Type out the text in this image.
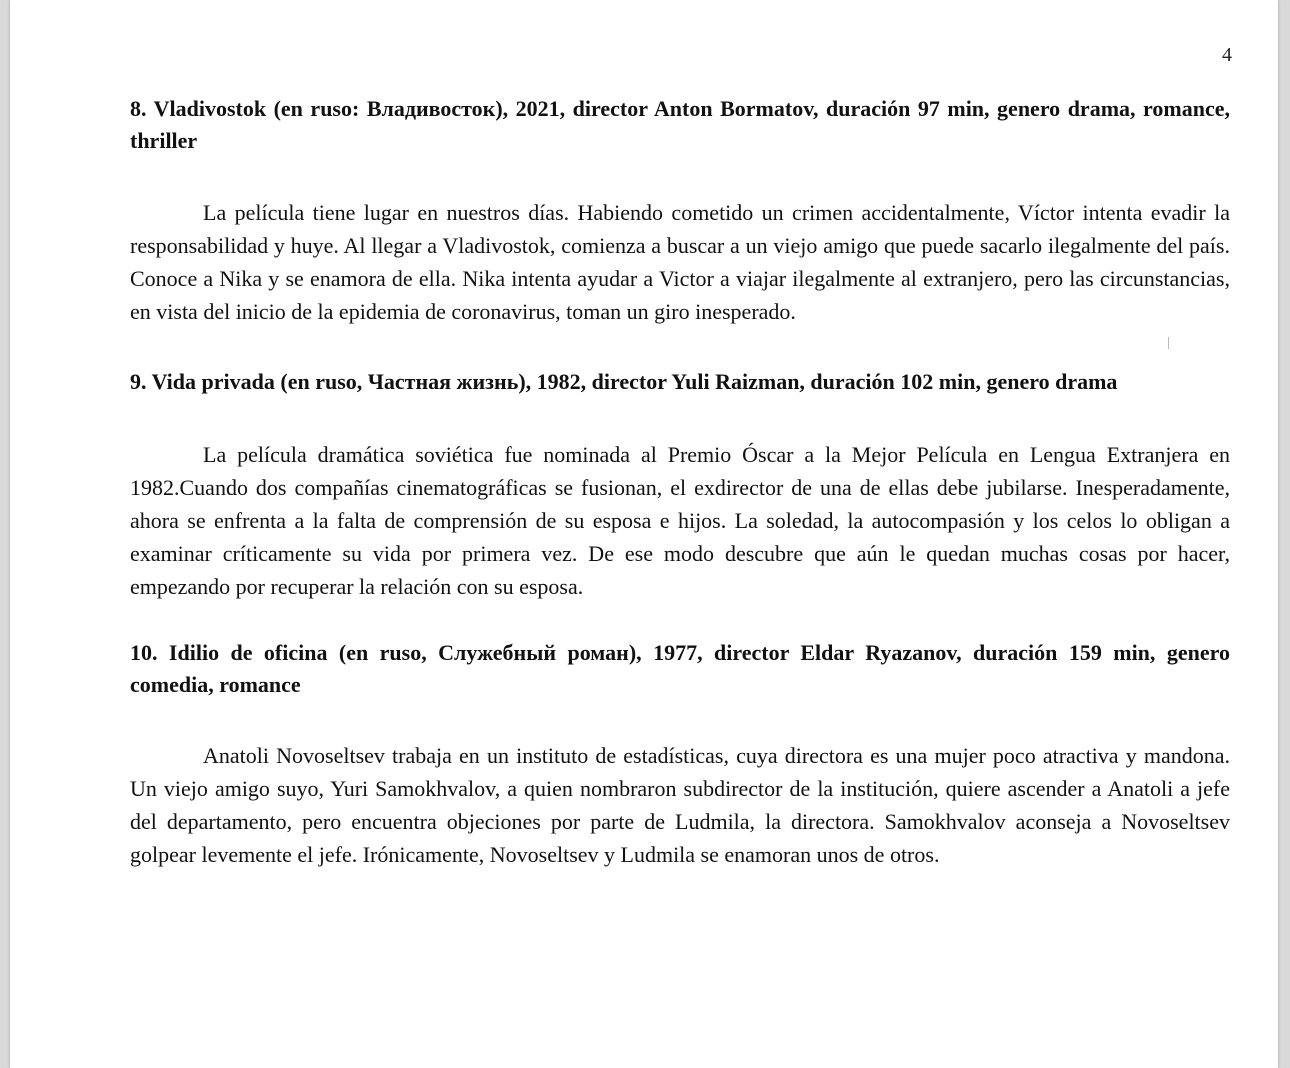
4

8. Vladivostok (en ruso: Владивосток), 2021, director Anton Bormatov, duración 97 min, genero drama, romance, thriller

La película tiene lugar en nuestros días. Habiendo cometido un crimen accidentalmente, Víctor intenta evadir la responsabilidad y huye. Al llegar a Vladivostok, comienza a buscar a un viejo amigo que puede sacarlo ilegalmente del país. Conoce a Nika y se enamora de ella. Nika intenta ayudar a Victor a viajar ilegalmente al extranjero, pero las circunstancias, en vista del inicio de la epidemia de coronavirus, toman un giro inesperado.

9. Vida privada (en ruso, Частная жизнь), 1982, director Yuli Raizman, duración 102 min, genero drama

La película dramática soviética fue nominada al Premio Óscar a la Mejor Película en Lengua Extranjera en 1982.Cuando dos compañías cinematográficas se fusionan, el exdirector de una de ellas debe jubilarse. Inesperadamente, ahora se enfrenta a la falta de comprensión de su esposa e hijos. La soledad, la autocompasión y los celos lo obligan a examinar críticamente su vida por primera vez. De ese modo descubre que aún le quedan muchas cosas por hacer, empezando por recuperar la relación con su esposa.

10. Idilio de oficina (en ruso, Служебный роман), 1977, director Eldar Ryazanov, duración 159 min, genero comedia, romance

Anatoli Novoseltsev trabaja en un instituto de estadísticas, cuya directora es una mujer poco atractiva y mandona. Un viejo amigo suyo, Yuri Samokhvalov, a quien nombraron subdirector de la institución, quiere ascender a Anatoli a jefe del departamento, pero encuentra objeciones por parte de Ludmila, la directora. Samokhvalov aconseja a Novoseltsev golpear levemente el jefe. Irónicamente, Novoseltsev y Ludmila se enamoran unos de otros.
